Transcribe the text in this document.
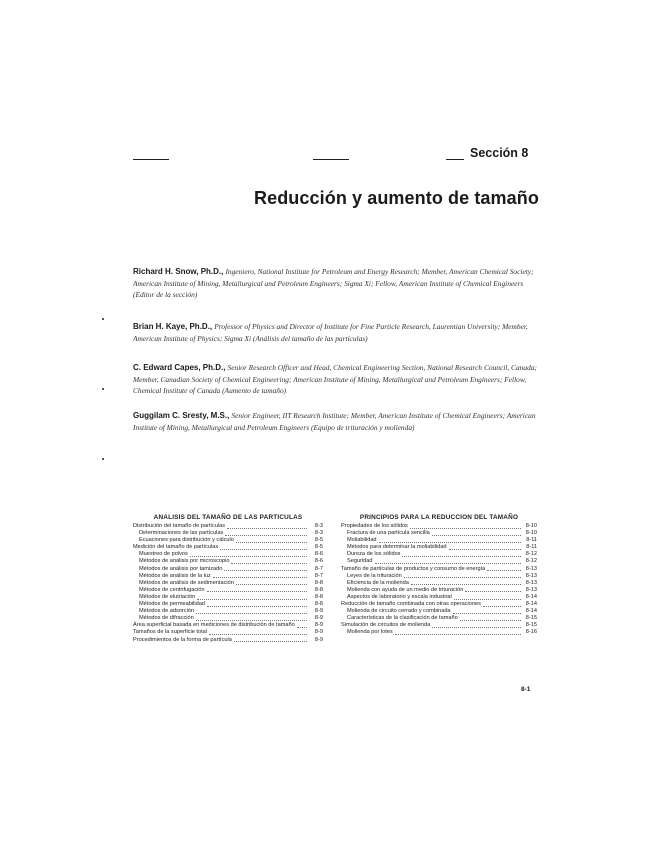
Sección 8
Reducción y aumento de tamaño
Richard H. Snow, Ph.D., Ingeniero, National Institute for Petroleum and Energy Research; Member, American Chemical Society; American Institute of Mining, Metallurgical and Petroleum Engineers; Sigma Xi; Fellow, American Institute of Chemical Engineers (Editor de la sección)
Brian H. Kaye, Ph.D., Professor of Physics and Director of Institute for Fine Particle Research, Laurentian University; Member, American Institute of Physics; Sigma Xi (Análisis del tamaño de las partículas)
C. Edward Capes, Ph.D., Senior Research Officer and Head, Chemical Engineering Section, National Research Council, Canada; Member, Canadian Society of Chemical Engineering; American Institute of Mining, Metallurgical and Petroleum Engineers; Fellow, Chemical Institute of Canada (Aumento de tamaño)
Guggilam C. Sresty, M.S., Senior Engineer, IIT Research Institute; Member, American Institute of Chemical Engineers; American Institute of Mining, Metallurgical and Petroleum Engineers (Equipo de trituración y molienda)
ANALISIS DEL TAMAÑO DE LAS PARTICULAS
Distribución del tamaño de partículas	8-3
Determinaciones de las partículas	8-3
Ecuaciones para distribución y cálculo	8-5
Medición del tamaño de partículas	8-5
Muestreo de polvos	8-6
Métodos de análisis por microscopio	8-6
Métodos de análisis por tamizado	8-7
Métodos de análisis de la luz	8-7
Métodos de análisis de sedimentación	8-8
Métodos de centrifugación	8-8
Métodos de elutriación	8-8
Métodos de permeabilidad	8-8
Métodos de adsorción	8-9
Métodos de difracción	8-9
Área superficial basada en mediciones de distribución de tamaño	8-9
Tamaños de la superficie total	8-9
Procedimientos de la forma de partícula	8-9
PRINCIPIOS PARA LA REDUCCION DEL TAMAÑO
Propiedades de los sólidos	8-10
Fractura de una partícula sencilla	8-10
Moliabilidad	8-11
Métodos para determinar la moliabilidad	8-11
Dureza de los sólidos	8-12
Seguridad	8-12
Tamaño de partículas de productos y consumo de energía	8-13
Leyes de la trituración	8-13
Eficiencia de la molienda	8-13
Molienda con ayuda de un medio de trituración	8-13
Aspectos de laboratorio y escala industrial	8-14
Reducción de tamaño combinada con otras operaciones	8-14
Molienda de circuito cerrado y combinada	8-14
Características de la clasificación de tamaño	8-15
Simulación de circuitos de molienda	8-15
Molienda por lotes	8-16
8-1
